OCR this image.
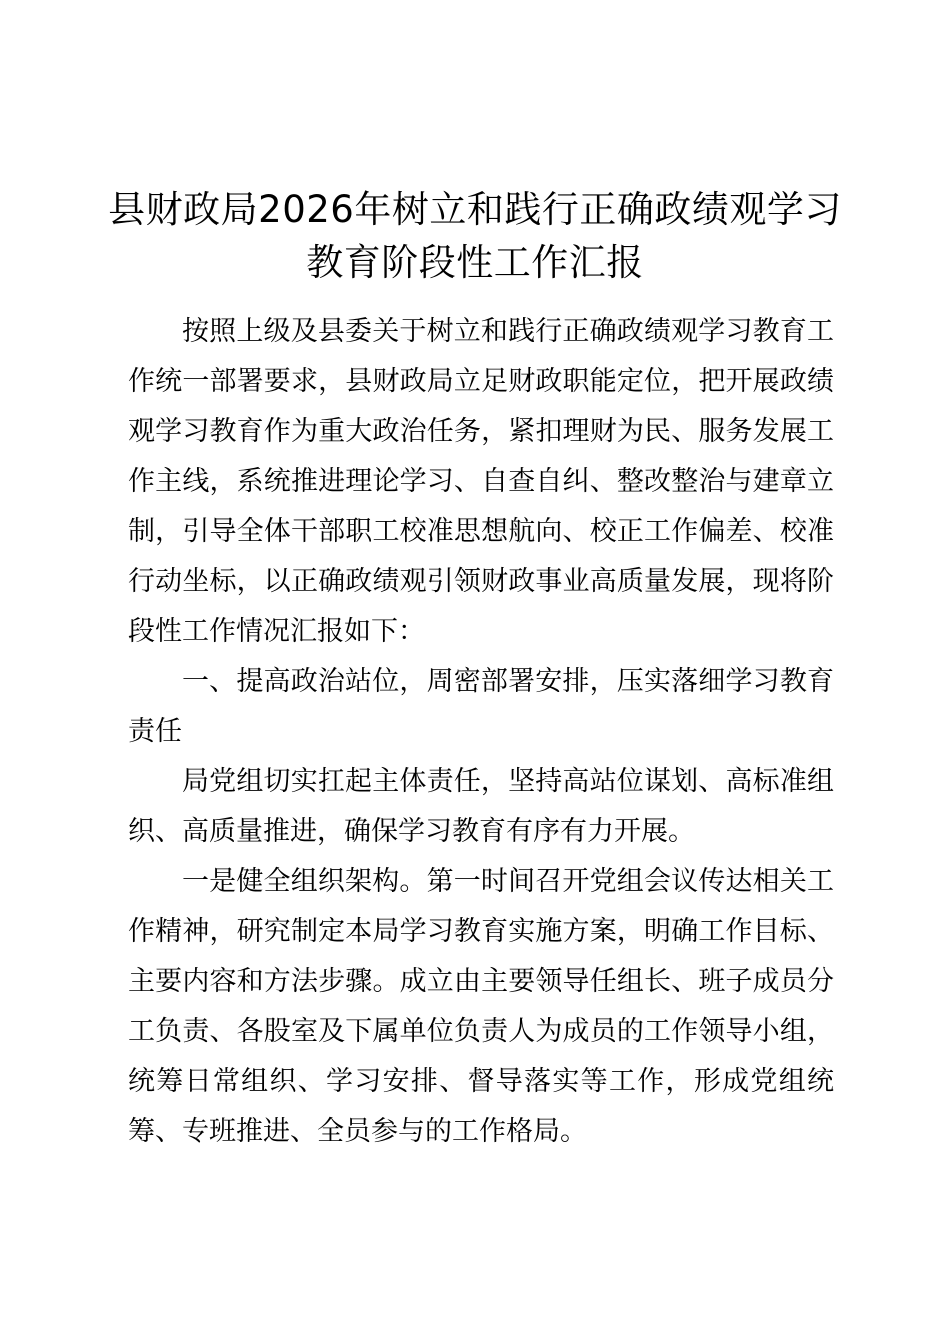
县财政局2026年树立和践行正确政绩观学习
教育阶段性工作汇报

按照上级及县委关于树立和践行正确政绩观学习教育工作统一部署要求，县财政局立足财政职能定位，把开展政绩观学习教育作为重大政治任务，紧扣理财为民、服务发展工作主线，系统推进理论学习、自查自纠、整改整治与建章立制，引导全体干部职工校准思想航向、校正工作偏差、校准行动坐标，以正确政绩观引领财政事业高质量发展，现将阶段性工作情况汇报如下：

一、提高政治站位，周密部署安排，压实落细学习教育责任

局党组切实扛起主体责任，坚持高站位谋划、高标准组织、高质量推进，确保学习教育有序有力开展。

一是健全组织架构。第一时间召开党组会议传达相关工作精神，研究制定本局学习教育实施方案，明确工作目标、主要内容和方法步骤。成立由主要领导任组长、班子成员分工负责、各股室及下属单位负责人为成员的工作领导小组，统筹日常组织、学习安排、督导落实等工作，形成党组统筹、专班推进、全员参与的工作格局。
